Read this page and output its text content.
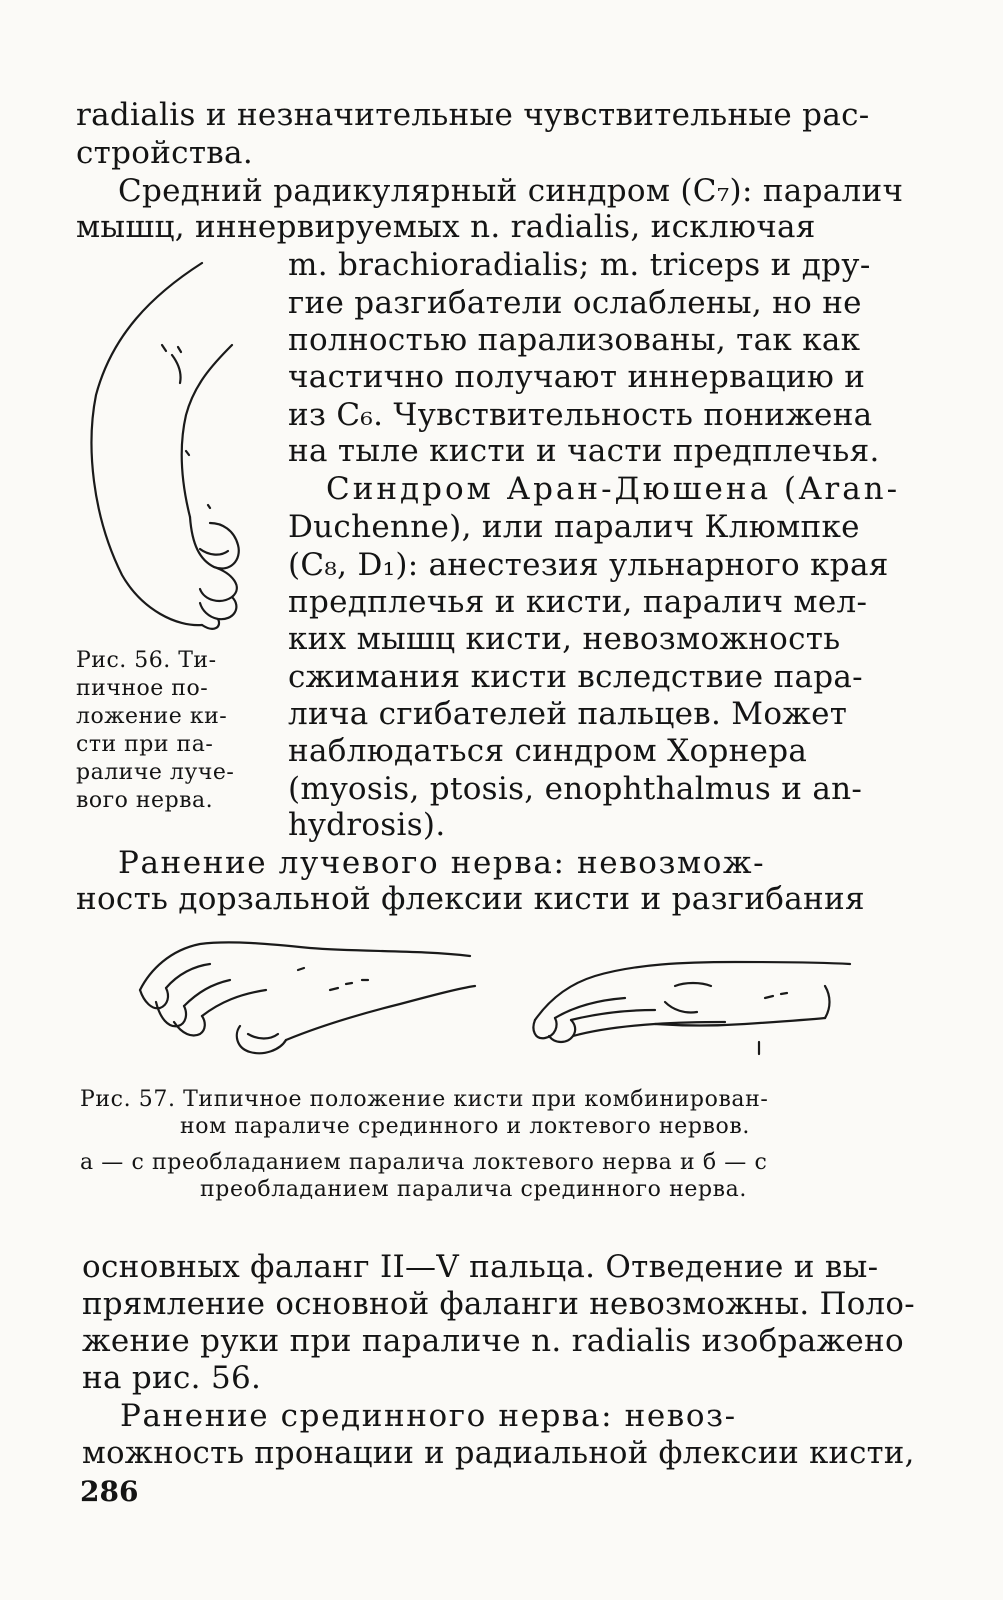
radialis и незначительные чувствительные рас-
стройства.
Средний радикулярный синдром (C₇): паралич
мышц, иннервируемых n. radialis, исключая
m. brachioradialis; m. triceps и дру-
гие разгибатели ослаблены, но не
полностью парализованы, так как
частично получают иннервацию и
из C₆. Чувствительность понижена
на тыле кисти и части предплечья.
Синдром Аран-Дюшена (Aran-
Duchenne), или паралич Клюмпке
(C₈, D₁): анестезия ульнарного края
предплечья и кисти, паралич мел-
ких мышц кисти, невозможность
сжимания кисти вследствие пара-
лича сгибателей пальцев. Может
наблюдаться синдром Хорнера
(myosis, ptosis, enophthalmus и an-
hydrosis).
Рис. 56. Ти-
пичное по-
ложение ки-
сти при па-
раличе луче-
вого нерва.
Ранение лучевого нерва: невозмож-
ность дорзальной флексии кисти и разгибания
Рис. 57. Типичное положение кисти при комбинирован-
ном параличе срединного и локтевого нервов.
а — с преобладанием паралича локтевого нерва и б — с
преобладанием паралича срединного нерва.
основных фаланг II—V пальца. Отведение и вы-
прямление основной фаланги невозможны. Поло-
жение руки при параличе n. radialis изображено
на рис. 56.
Ранение срединного нерва: невоз-
можность пронации и радиальной флексии кисти,
286
